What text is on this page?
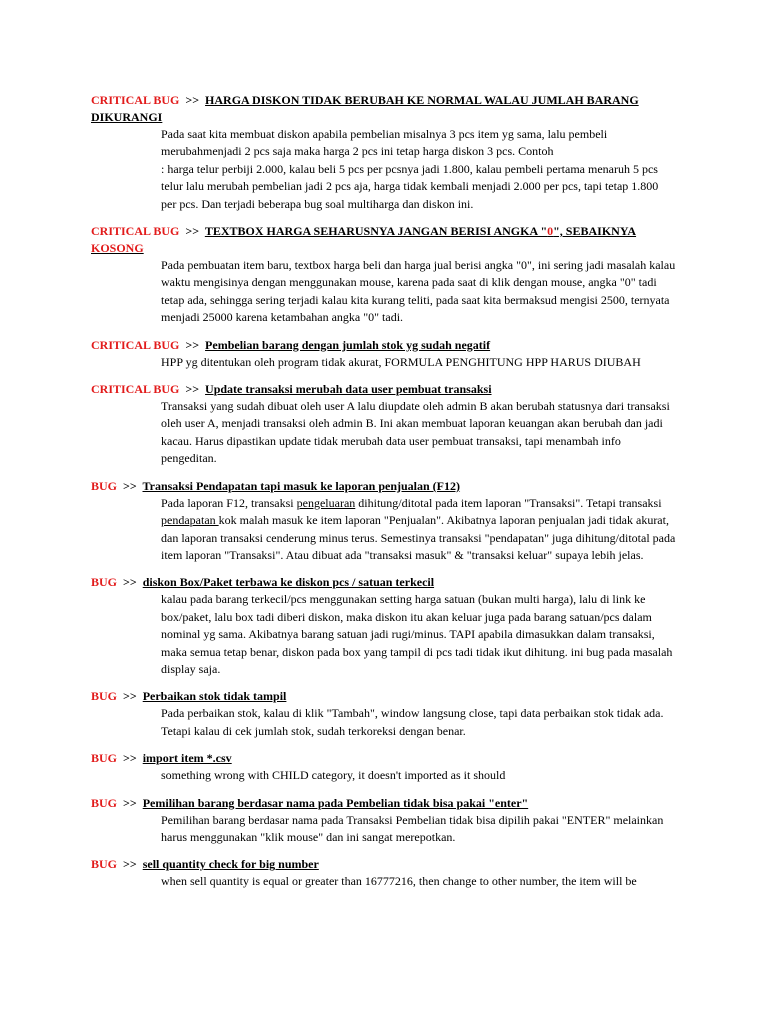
CRITICAL BUG >> HARGA DISKON TIDAK BERUBAH KE NORMAL WALAU JUMLAH BARANG DIKURANGI

Pada saat kita membuat diskon apabila pembelian misalnya 3 pcs item yg sama, lalu pembeli merubahmenjadi 2 pcs saja maka harga 2 pcs ini tetap harga diskon 3 pcs. Contoh

: harga telur perbiji 2.000, kalau beli 5 pcs per pcsnya jadi 1.800, kalau pembeli pertama menaruh 5 pcs telur lalu merubah pembelian jadi 2 pcs aja, harga tidak kembali menjadi 2.000 per pcs, tapi tetap 1.800 per pcs. Dan terjadi beberapa bug soal multiharga dan diskon ini.

CRITICAL BUG >> TEXTBOX HARGA SEHARUSNYA JANGAN BERISI ANGKA "0", SEBAIKNYA KOSONG

Pada pembuatan item baru, textbox harga beli dan harga jual berisi angka "0", ini sering jadi masalah kalau waktu mengisinya dengan menggunakan mouse, karena pada saat di klik dengan mouse, angka "0" tadi tetap ada, sehingga sering terjadi kalau kita kurang teliti, pada saat kita bermaksud mengisi 2500, ternyata menjadi 25000 karena ketambahan angka "0" tadi.

CRITICAL BUG >> Pembelian barang dengan jumlah stok yg sudah negatif

HPP yg ditentukan oleh program tidak akurat, FORMULA PENGHITUNG HPP HARUS DIUBAH

CRITICAL BUG >> Update transaksi merubah data user pembuat transaksi

Transaksi yang sudah dibuat oleh user A lalu diupdate oleh admin B akan berubah statusnya dari transaksi oleh user A, menjadi transaksi oleh admin B. Ini akan membuat laporan keuangan akan berubah dan jadi kacau. Harus dipastikan update tidak merubah data user pembuat transaksi, tapi menambah info pengeditan.

BUG >> Transaksi Pendapatan tapi masuk ke laporan penjualan (F12)

Pada laporan F12, transaksi pengeluaran dihitung/ditotal pada item laporan "Transaksi". Tetapi transaksi pendapatan kok malah masuk ke item laporan "Penjualan". Akibatnya laporan penjualan jadi tidak akurat, dan laporan transaksi cenderung minus terus. Semestinya transaksi "pendapatan" juga dihitung/ditotal pada item laporan "Transaksi". Atau dibuat ada "transaksi masuk" & "transaksi keluar" supaya lebih jelas.

BUG >> diskon Box/Paket terbawa ke diskon pcs / satuan terkecil

kalau pada barang terkecil/pcs menggunakan setting harga satuan (bukan multi harga), lalu di link ke box/paket, lalu box tadi diberi diskon, maka diskon itu akan keluar juga pada barang satuan/pcs dalam nominal yg sama. Akibatnya barang satuan jadi rugi/minus. TAPI apabila dimasukkan dalam transaksi, maka semua tetap benar, diskon pada box yang tampil di pcs tadi tidak ikut dihitung. ini bug pada masalah display saja.

BUG >> Perbaikan stok tidak tampil

Pada perbaikan stok, kalau di klik "Tambah", window langsung close, tapi data perbaikan stok tidak ada. Tetapi kalau di cek jumlah stok, sudah terkoreksi dengan benar.

BUG >> import item *.csv

something wrong with CHILD category, it doesn't imported as it should

BUG >> Pemilihan barang berdasar nama pada Pembelian tidak bisa pakai "enter"

Pemilihan barang berdasar nama pada Transaksi Pembelian tidak bisa dipilih pakai "ENTER" melainkan harus menggunakan "klik mouse" dan ini sangat merepotkan.

BUG >> sell quantity check for big number

when sell quantity is equal or greater than 16777216, then change to other number, the item will be
